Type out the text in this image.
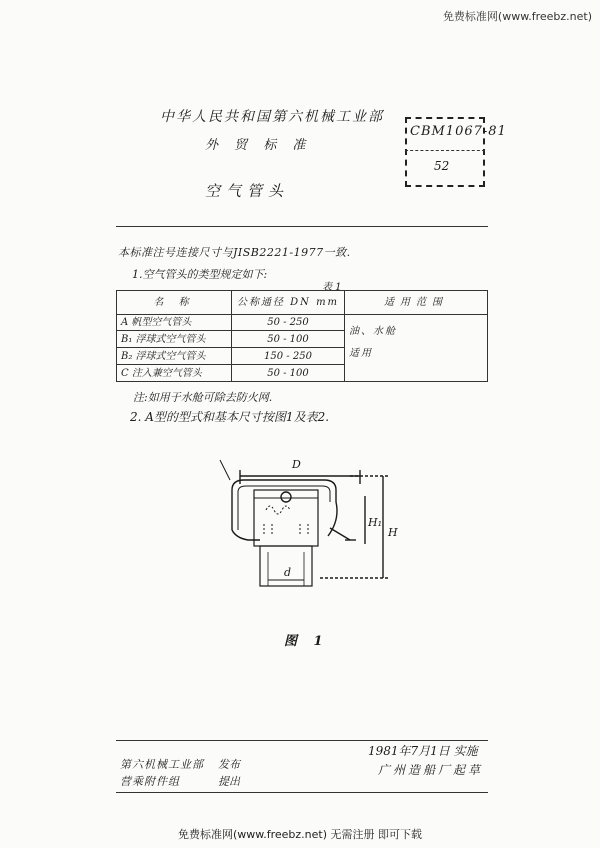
免费标准网(www.freebz.net)
中华人民共和国第六机械工业部
外 贸 标 准
CBM1067-81
52
空气管头
本标准注号连接尺寸与JISB2221-1977一致.
1.空气管头的类型规定如下:
表 1
名 称	公称通径 DN mm	适用范围
A 帆型空气管头	50 - 250	油、水舱
适用

B₁ 浮球式空气管头	50 - 100	
B₂ 浮球式空气管头	150 - 250	
C 注入兼空气管头	50 - 100	
注:如用于水舱可除去防火网.
2. A型的型式和基本尺寸按图1及表2.
D
H
H₁
d
图 1
第六机械工业部 发布
营乘附件组	提出
1981年7月1日 实施
广州造船厂起草
免费标准网(www.freebz.net) 无需注册 即可下载
